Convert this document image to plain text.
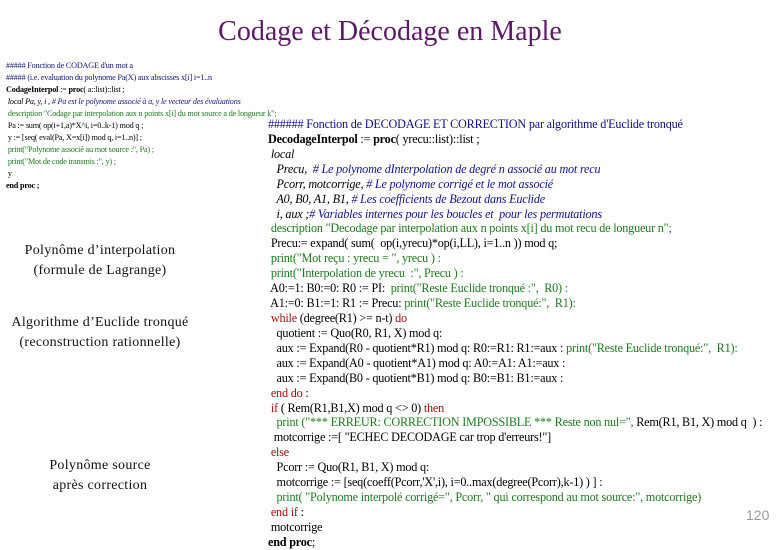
Codage et Décodage en Maple
##### Fonction de CODAGE d'un mot a
##### (i.e. evaluation du polynome Pa(X) aux abscisses x[i] i=1..n
CodageInterpol := proc( a::list)::list ;
local Pa, y, i , # Pa est le polynome associé à a, y le vecteur des évaluations
description "Codage par interpolation aux n points x[i] du mot source a de longueur k";
Pa := sum( op(i+1,a)*X^i, i=0..k-1) mod q ;
y := [seq( eval(Pa, X=x[i]) mod q, i=1..n)] ;
print("Polynome associé au mot source :", Pa) ;
print("Mot de code transmis :", y) ;
y
end proc ;
###### Fonction de DECODAGE ET CORRECTION par algorithme d'Euclide tronqué
DecodageInterpol := proc( yrecu::list)::list ;
local
Precu,  # Le polynome dInterpolation de degré n associé au mot recu
Pcorr, motcorrige, # Le polynome corrigé et le mot associé
A0, B0, A1, B1, # Les coefficients de Bezout dans Euclide
i, aux ;# Variables internes pour les boucles et  pour les permutations
description "Decodage par interpolation aux n points x[i] du mot recu de longueur n";
Precu:= expand( sum(  op(i,yrecu)*op(i,LL), i=1..n )) mod q;
print("Mot reçu : yrecu = ", yrecu ) :
print("Interpolation de yrecu  :", Precu ) :
A0:=1: B0:=0: R0 := PI:  print("Reste Euclide tronqué :",  R0) :
A1:=0: B1:=1: R1 := Precu: print("Reste Euclide tronqué:",  R1):
while (degree(R1) >= n-t) do
quotient := Quo(R0, R1, X) mod q:
aux := Expand(R0 - quotient*R1) mod q: R0:=R1: R1:=aux : print("Reste Euclide tronqué:",  R1):
aux := Expand(A0 - quotient*A1) mod q: A0:=A1: A1:=aux :
aux := Expand(B0 - quotient*B1) mod q: B0:=B1: B1:=aux :
end do :
if ( Rem(R1,B1,X) mod q <> 0) then
print ("*** ERREUR: CORRECTION IMPOSSIBLE *** Reste non nul=", Rem(R1, B1, X) mod q  ) :
motcorrige :=[ "ECHEC DECODAGE car trop d'erreurs!"]
else
Pcorr := Quo(R1, B1, X) mod q:
motcorrige := [seq(coeff(Pcorr,'X',i), i=0..max(degree(Pcorr),k-1) ) ] :
print( "Polynome interpolé corrigé=", Pcorr, " qui correspond au mot source:", motcorrige)
end if :
motcorrige
end proc;
Polynôme d’interpolation
(formule de Lagrange)
Algorithme d’Euclide tronqué
(reconstruction rationnelle)
Polynôme source
après correction
120
